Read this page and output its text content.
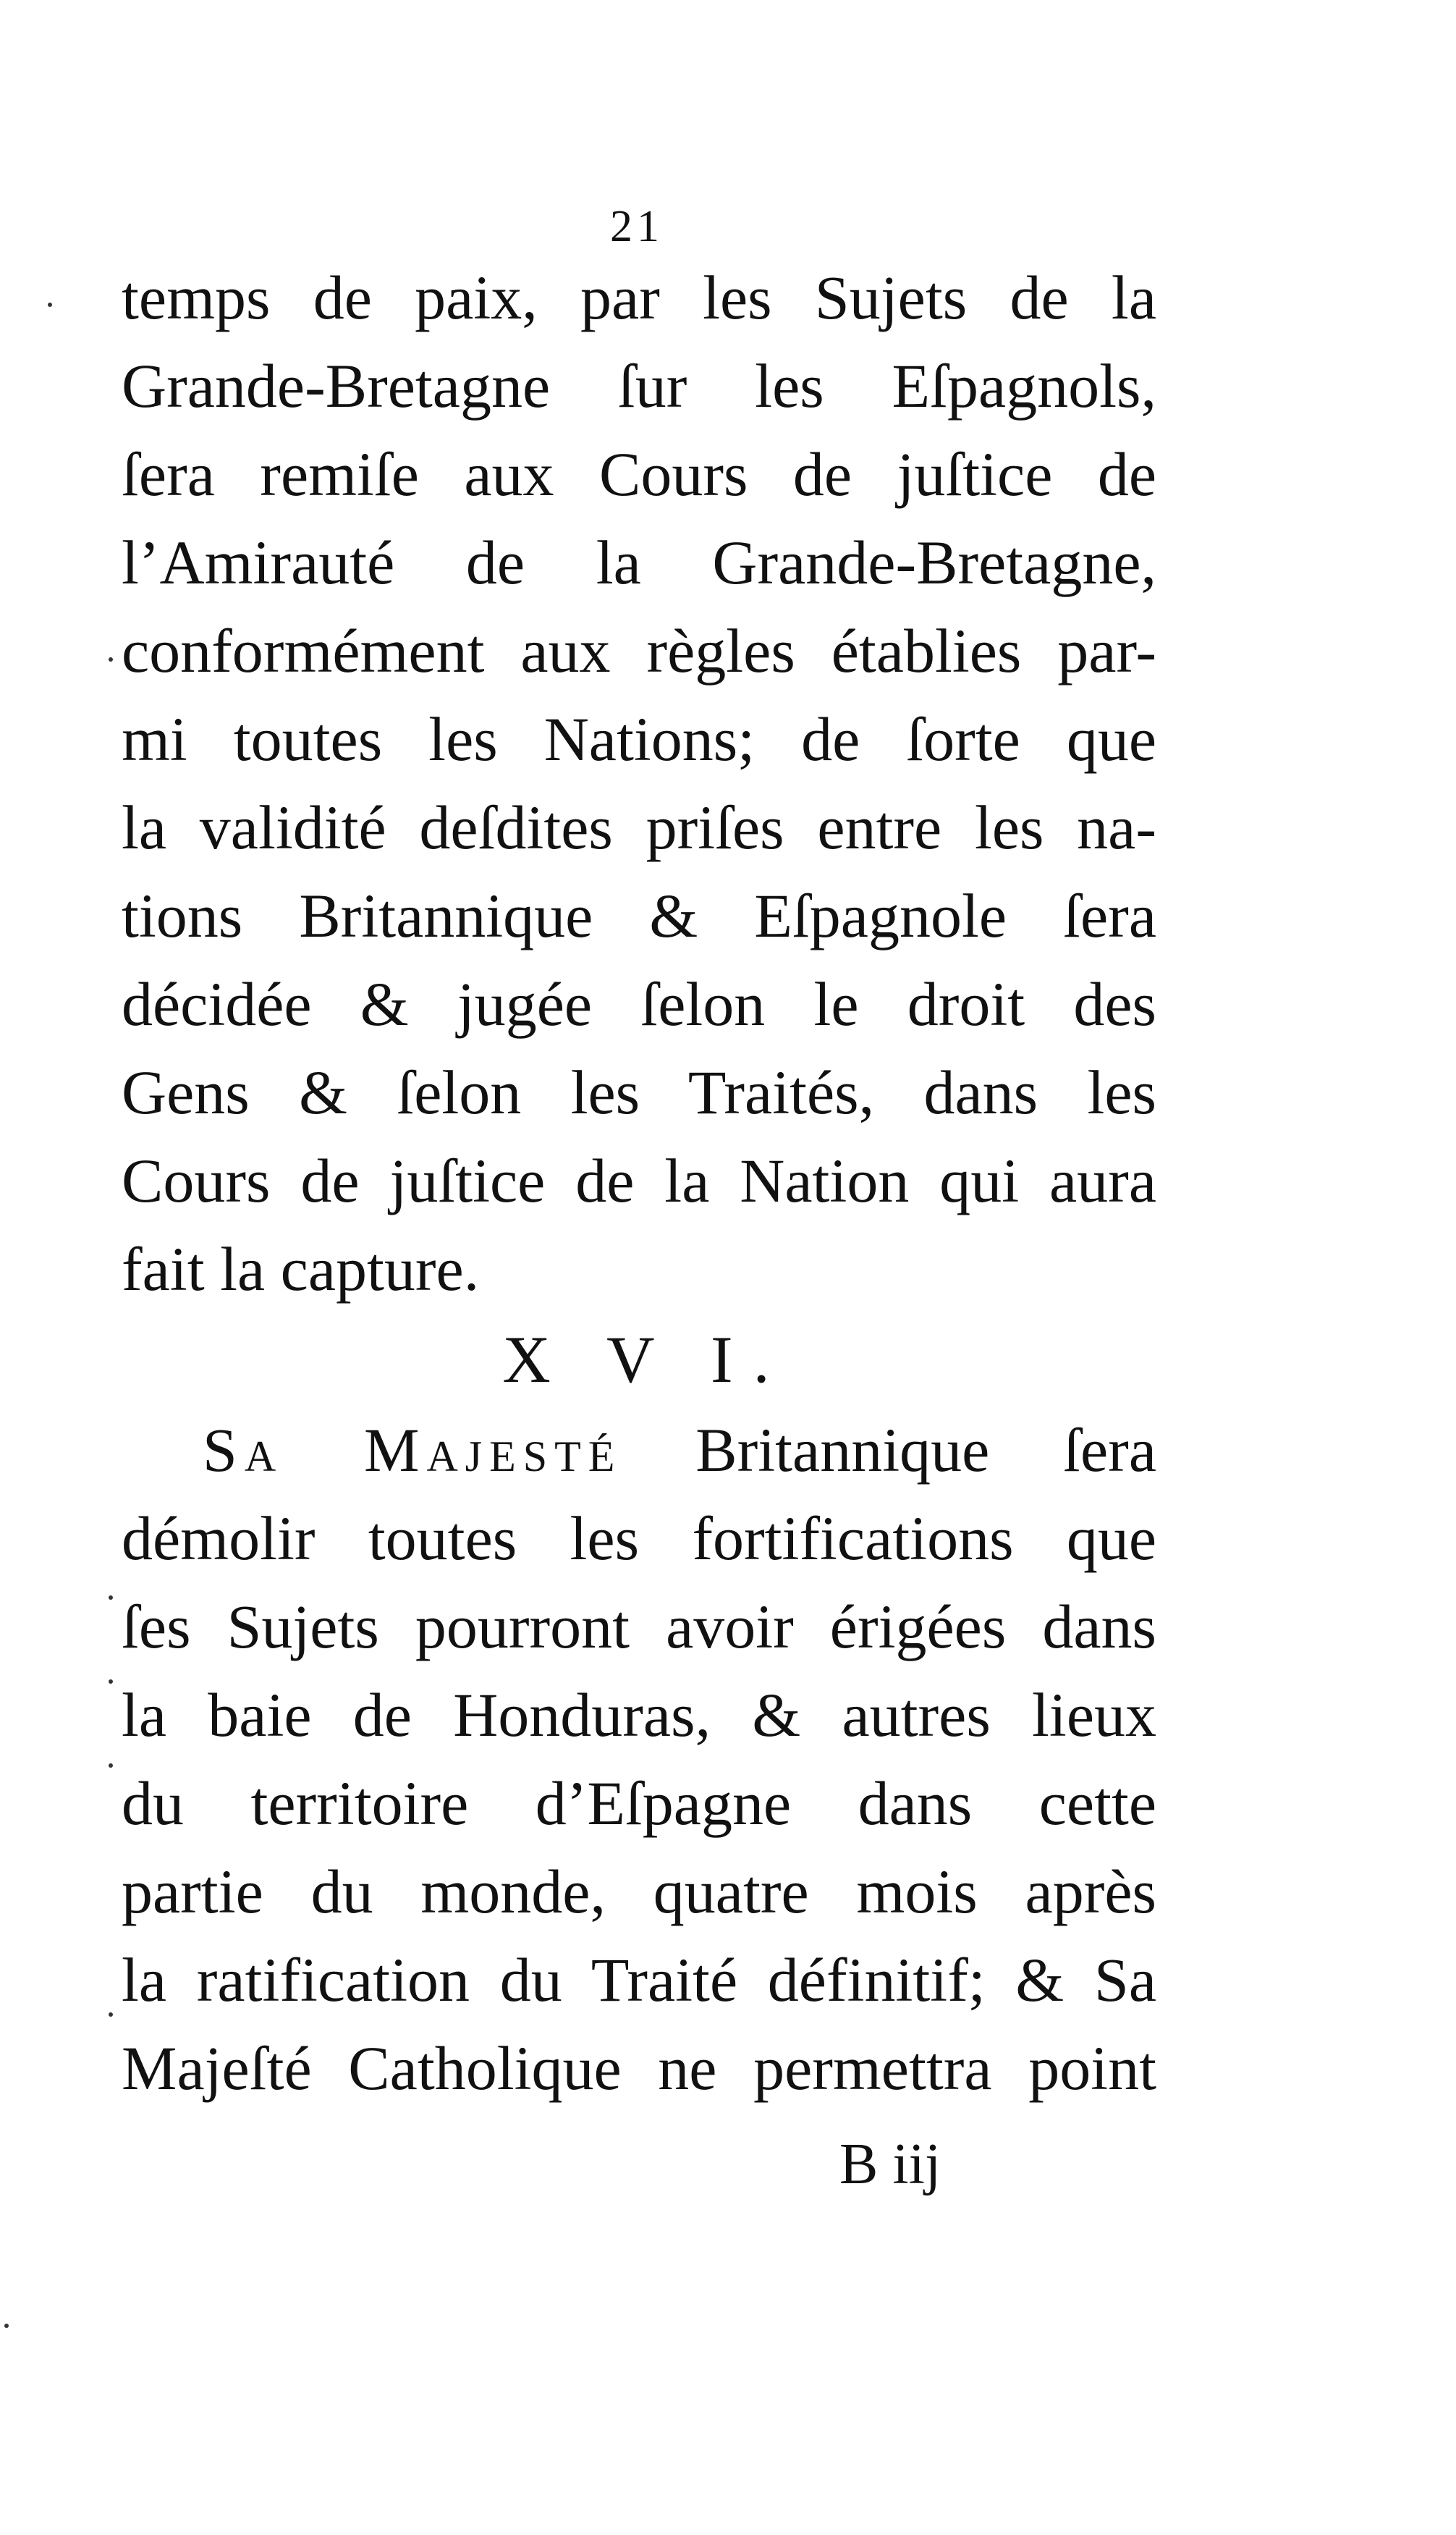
21
temps de paix, par les Sujets de la
Grande-Bretagne ſur les Eſpagnols,
ſera remiſe aux Cours de juſtice de
l’Amirauté de la Grande-Bretagne,
conformément aux règles établies par-
mi toutes les Nations; de ſorte que
la validité deſdites priſes entre les na-
tions Britannique & Eſpagnole ſera
décidée & jugée ſelon le droit des
Gens & ſelon les Traités, dans les
Cours de juſtice de la Nation qui aura
fait la capture.
X V I.
Sa Majesté Britannique ſera
démolir toutes les fortifications que
ſes Sujets pourront avoir érigées dans
la baie de Honduras, & autres lieux
du territoire d’Eſpagne dans cette
partie du monde, quatre mois après
la ratification du Traité définitif; & Sa
Majeſté Catholique ne permettra point
B iij
